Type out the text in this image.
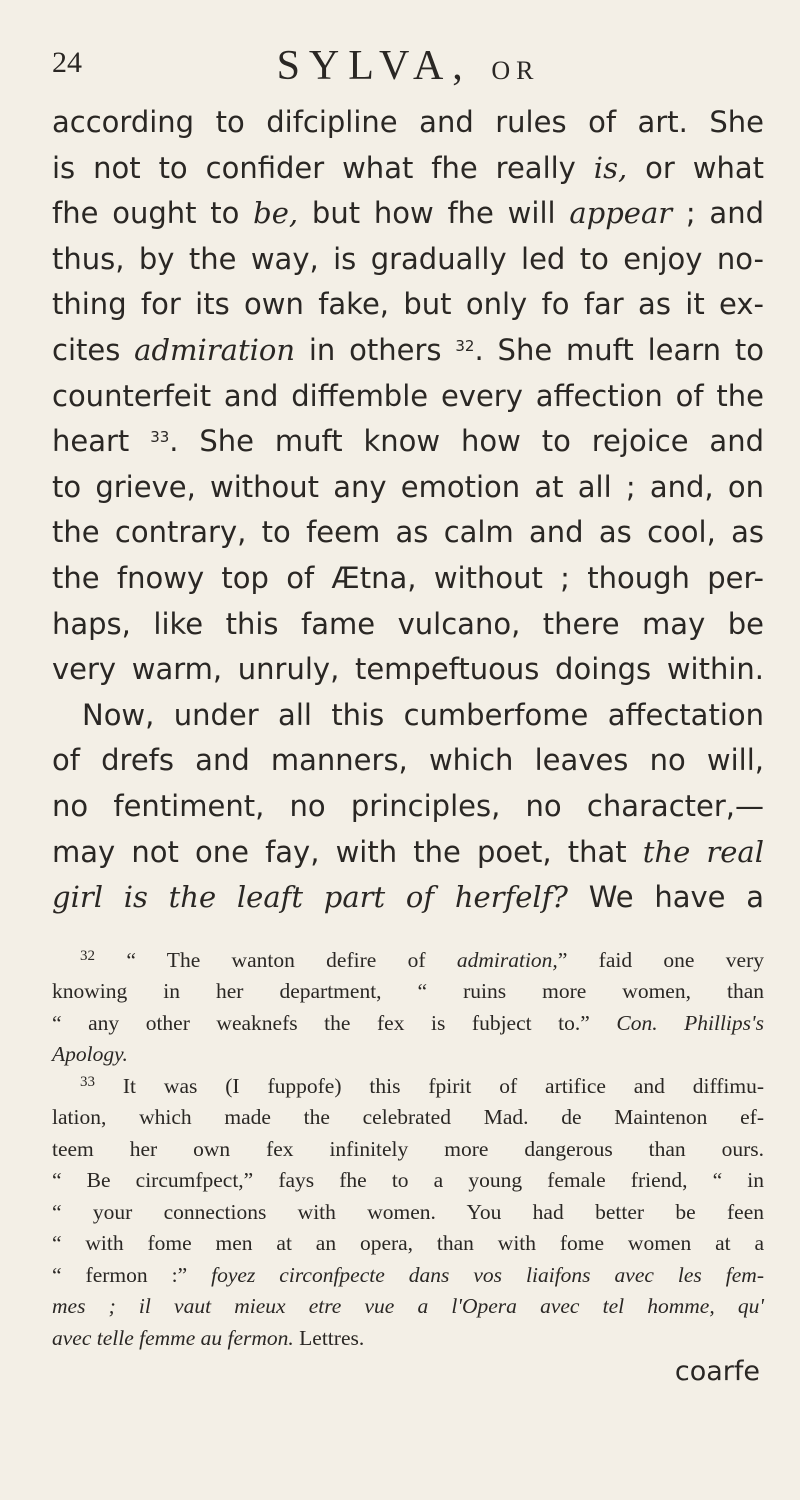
24	SYLVA, OR
according to difcipline and rules of art. She
is not to confider what fhe really is, or what
fhe ought to be, but how fhe will appear ; and
thus, by the way, is gradually led to enjoy no-
thing for its own fake, but only fo far as it ex-
cites admiration in others $^{32}$. She muft learn to
counterfeit and diffemble every affection of the
heart $^{33}$. She muft know how to rejoice and
to grieve, without any emotion at all ; and, on
the contrary, to feem as calm and as cool, as
the fnowy top of Ætna, without ; though per-
haps, like this fame vulcano, there may be
very warm, unruly, tempeftuous doings within.
Now, under all this cumberfome affectation
of drefs and manners, which leaves no will,
no fentiment, no principles, no character,—
may not one fay, with the poet, that the real
girl is the leaft part of herfelf? We have a
$^{32}$ “ The wanton defire of admiration,” faid one very
knowing in her department, “ ruins more women, than
“ any other weaknefs the fex is fubject to.” Con. Phillips's
Apology.
$^{33}$ It was (I fuppofe) this fpirit of artifice and diffimu-
lation, which made the celebrated Mad. de Maintenon ef-
teem her own fex infinitely more dangerous than ours.
“ Be circumfpect,” fays fhe to a young female friend, “ in
“ your connections with women. You had better be feen
“ with fome men at an opera, than with fome women at a
“ fermon :” foyez circonfpecte dans vos liaifons avec les fem-
mes ; il vaut mieux etre vue a l'Opera avec tel homme, qu'
avec telle femme au fermon. Lettres.
coarfe
